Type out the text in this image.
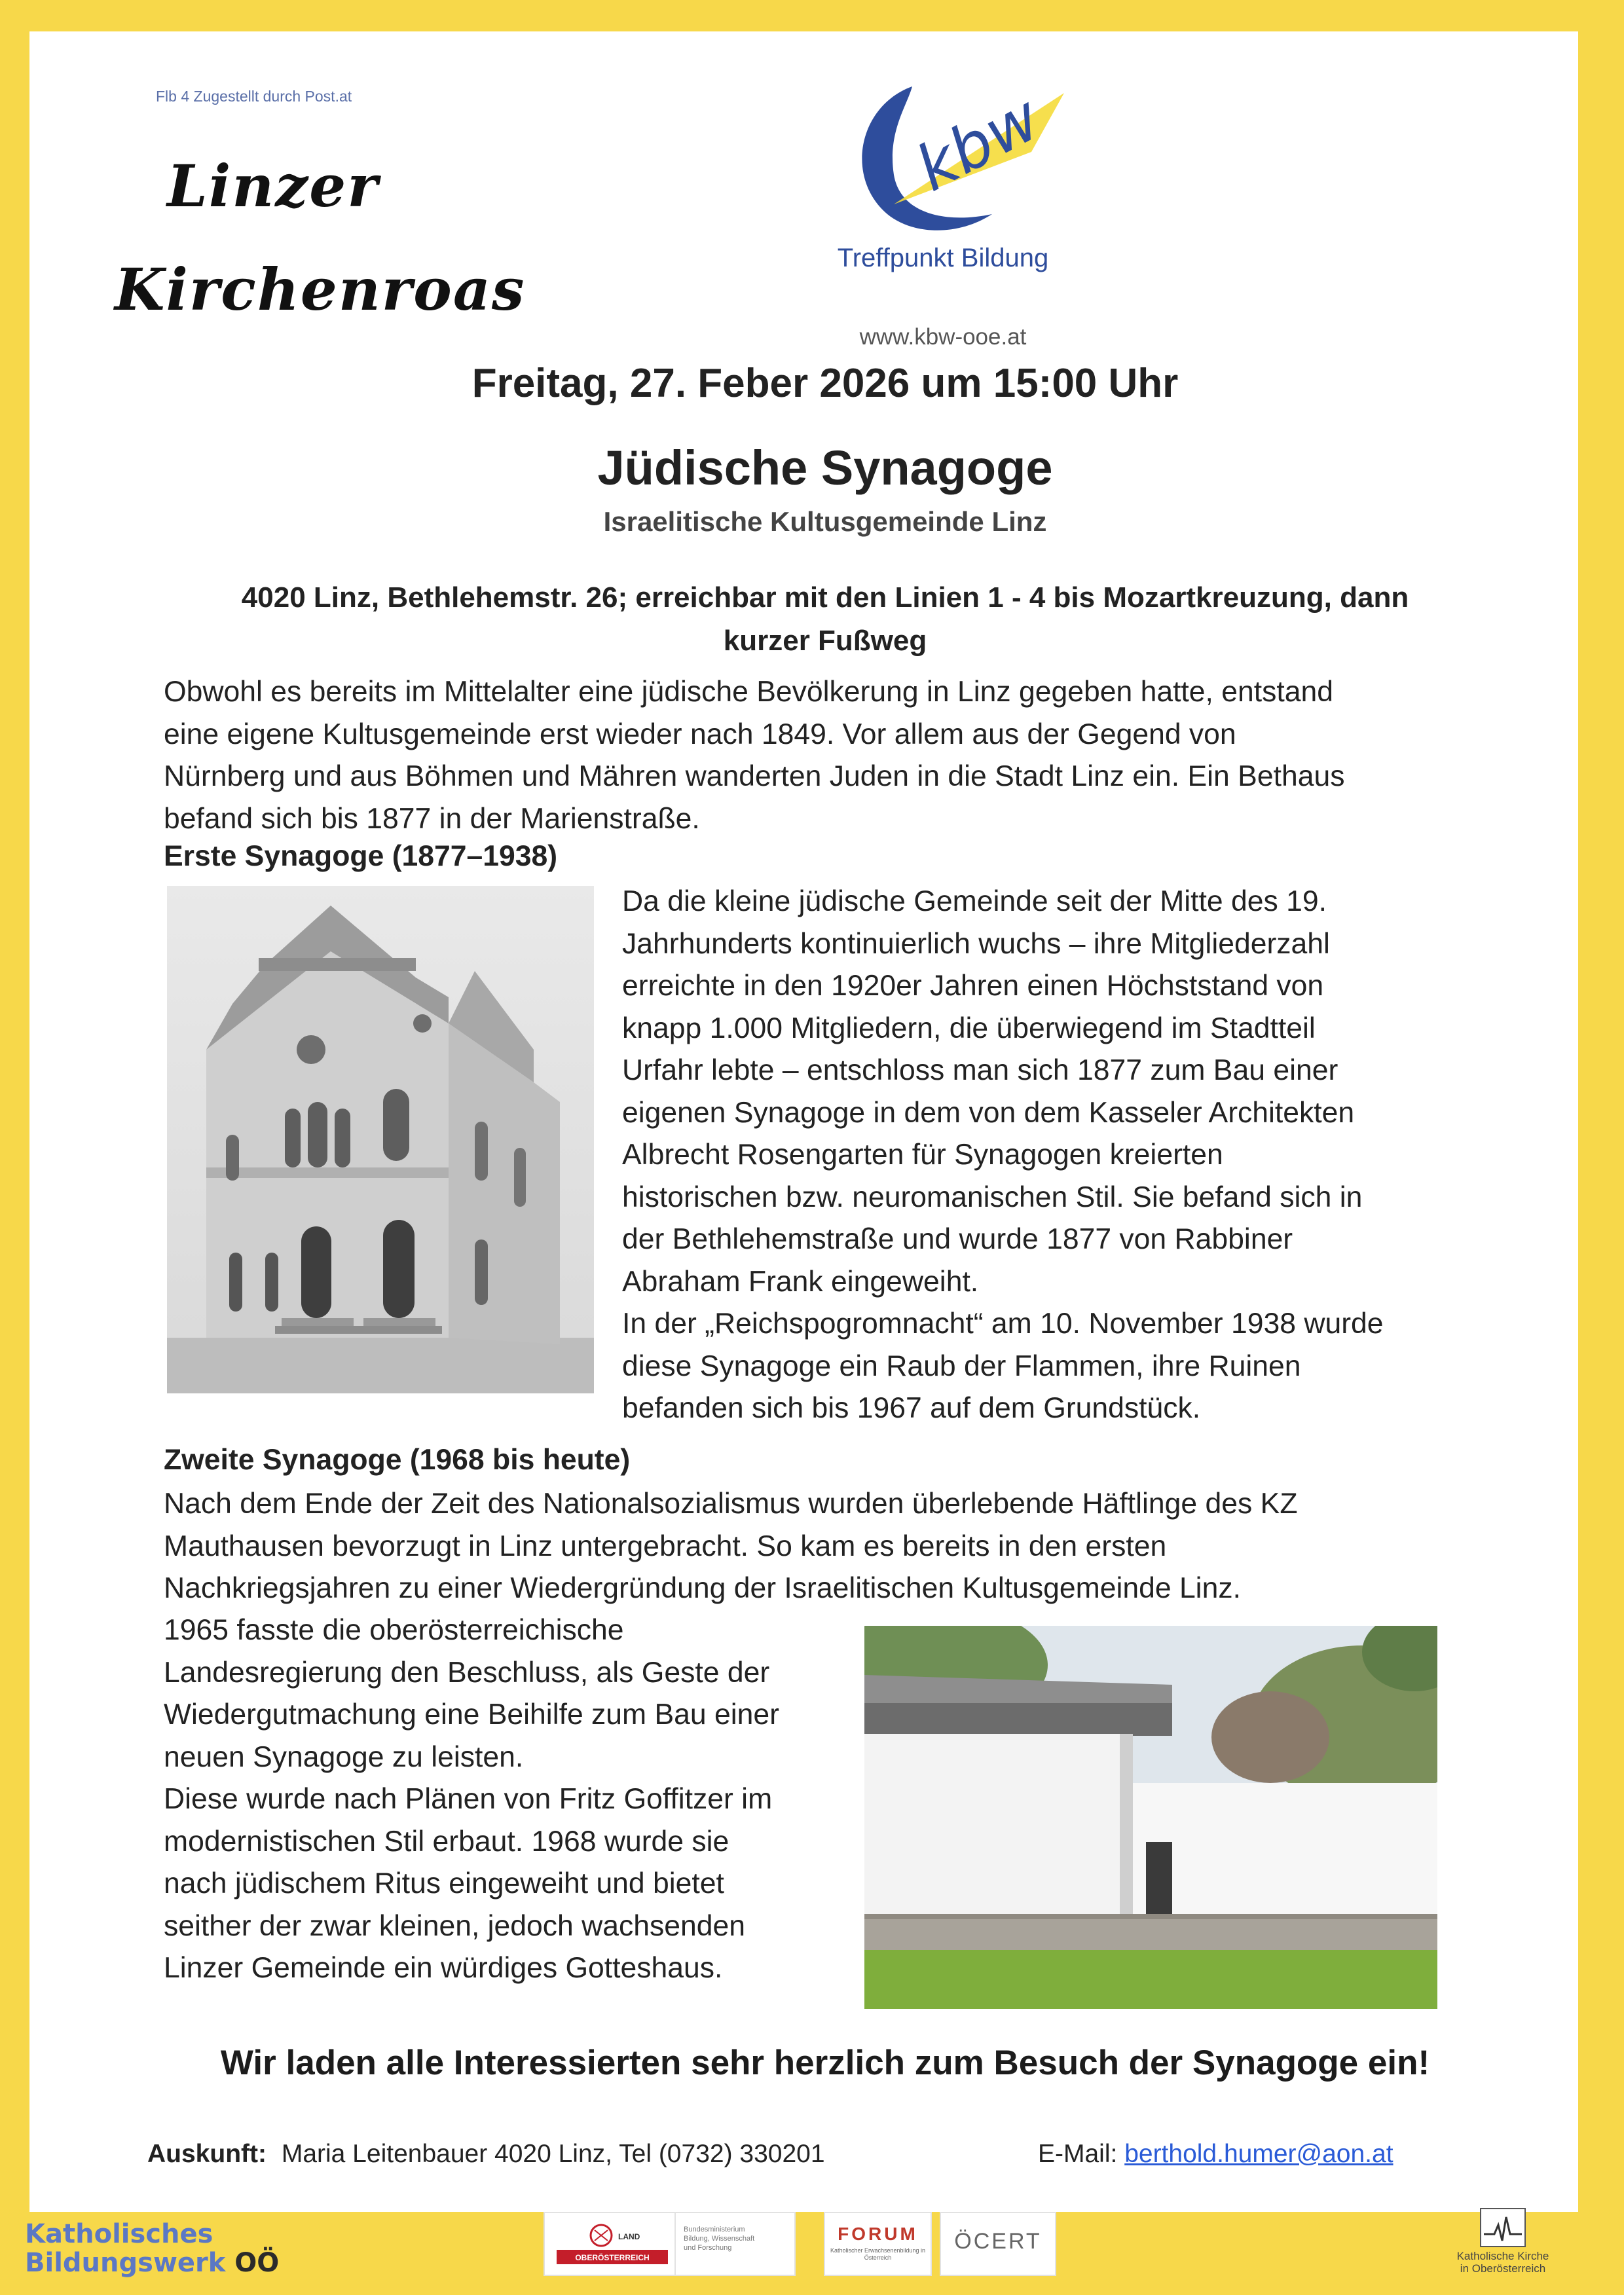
Flb 4 Zugestellt durch Post.at
Linzer
Kirchenroas
kbw
Treffpunkt Bildung
www.kbw-ooe.at
Freitag, 27. Feber 2026 um 15:00 Uhr
Jüdische Synagoge
Israelitische Kultusgemeinde Linz
4020 Linz, Bethlehemstr. 26; erreichbar mit den Linien 1 - 4 bis Mozartkreuzung, dann
kurzer Fußweg
Obwohl es bereits im Mittelalter eine jüdische Bevölkerung in Linz gegeben hatte, entstand
eine eigene Kultusgemeinde erst wieder nach 1849. Vor allem aus der Gegend von
Nürnberg und aus Böhmen und Mähren wanderten Juden in die Stadt Linz ein. Ein Bethaus
befand sich bis 1877 in der Marienstraße.
Erste Synagoge (1877–1938)
Da die kleine jüdische Gemeinde seit der Mitte des 19.
Jahrhunderts kontinuierlich wuchs – ihre Mitgliederzahl
erreichte in den 1920er Jahren einen Höchststand von
knapp 1.000 Mitgliedern, die überwiegend im Stadtteil
Urfahr lebte – entschloss man sich 1877 zum Bau einer
eigenen Synagoge in dem von dem Kasseler Architekten
Albrecht Rosengarten für Synagogen kreierten
historischen bzw. neuromanischen Stil. Sie befand sich in
der Bethlehemstraße und wurde 1877 von Rabbiner
Abraham Frank eingeweiht.
In der „Reichspogromnacht“ am 10. November 1938 wurde
diese Synagoge ein Raub der Flammen, ihre Ruinen
befanden sich bis 1967 auf dem Grundstück.
Zweite Synagoge (1968 bis heute)
Nach dem Ende der Zeit des Nationalsozialismus wurden überlebende Häftlinge des KZ
Mauthausen bevorzugt in Linz untergebracht. So kam es bereits in den ersten
Nachkriegsjahren zu einer Wiedergründung der Israelitischen Kultusgemeinde Linz.
1965 fasste die oberösterreichische
Landesregierung den Beschluss, als Geste der
Wiedergutmachung eine Beihilfe zum Bau einer
neuen Synagoge zu leisten.
Diese wurde nach Plänen von Fritz Goffitzer im
modernistischen Stil erbaut. 1968 wurde sie
nach jüdischem Ritus eingeweiht und bietet
seither der zwar kleinen, jedoch wachsenden
Linzer Gemeinde ein würdiges Gotteshaus.
Wir laden alle Interessierten sehr herzlich zum Besuch der Synagoge ein!
Auskunft: Maria Leitenbauer 4020 Linz, Tel (0732) 330201	E-Mail: berthold.humer@aon.at
Katholisches
Bildungswerk OÖ
LAND
OBERÖSTERREICH
Bundesministerium
Bildung, Wissenschaft
und Forschung
FORUM
Katholischer Erwachsenenbildung in Österreich
ÖCERT
Katholische Kirche
in Oberösterreich
